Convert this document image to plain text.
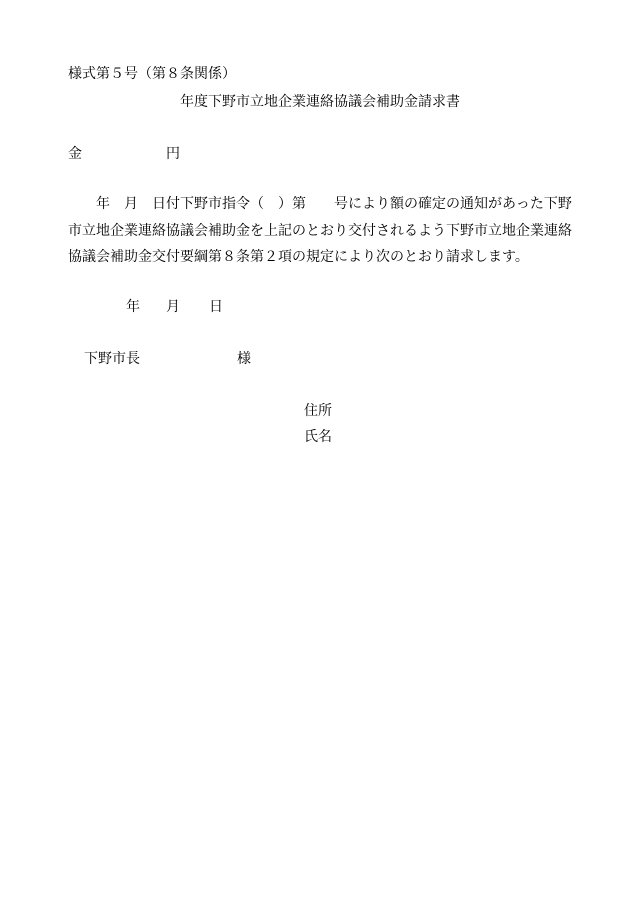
様式第５号（第８条関係）
年度下野市立地企業連絡協議会補助金請求書
金	円
　　年　月　日付下野市指令（　）第　　号により額の確定の通知があった下野
市立地企業連絡協議会補助金を上記のとおり交付されるよう下野市立地企業連絡
協議会補助金交付要綱第８条第２項の規定により次のとおり請求します。
年 月 日
下野市長	様
住所
氏名
